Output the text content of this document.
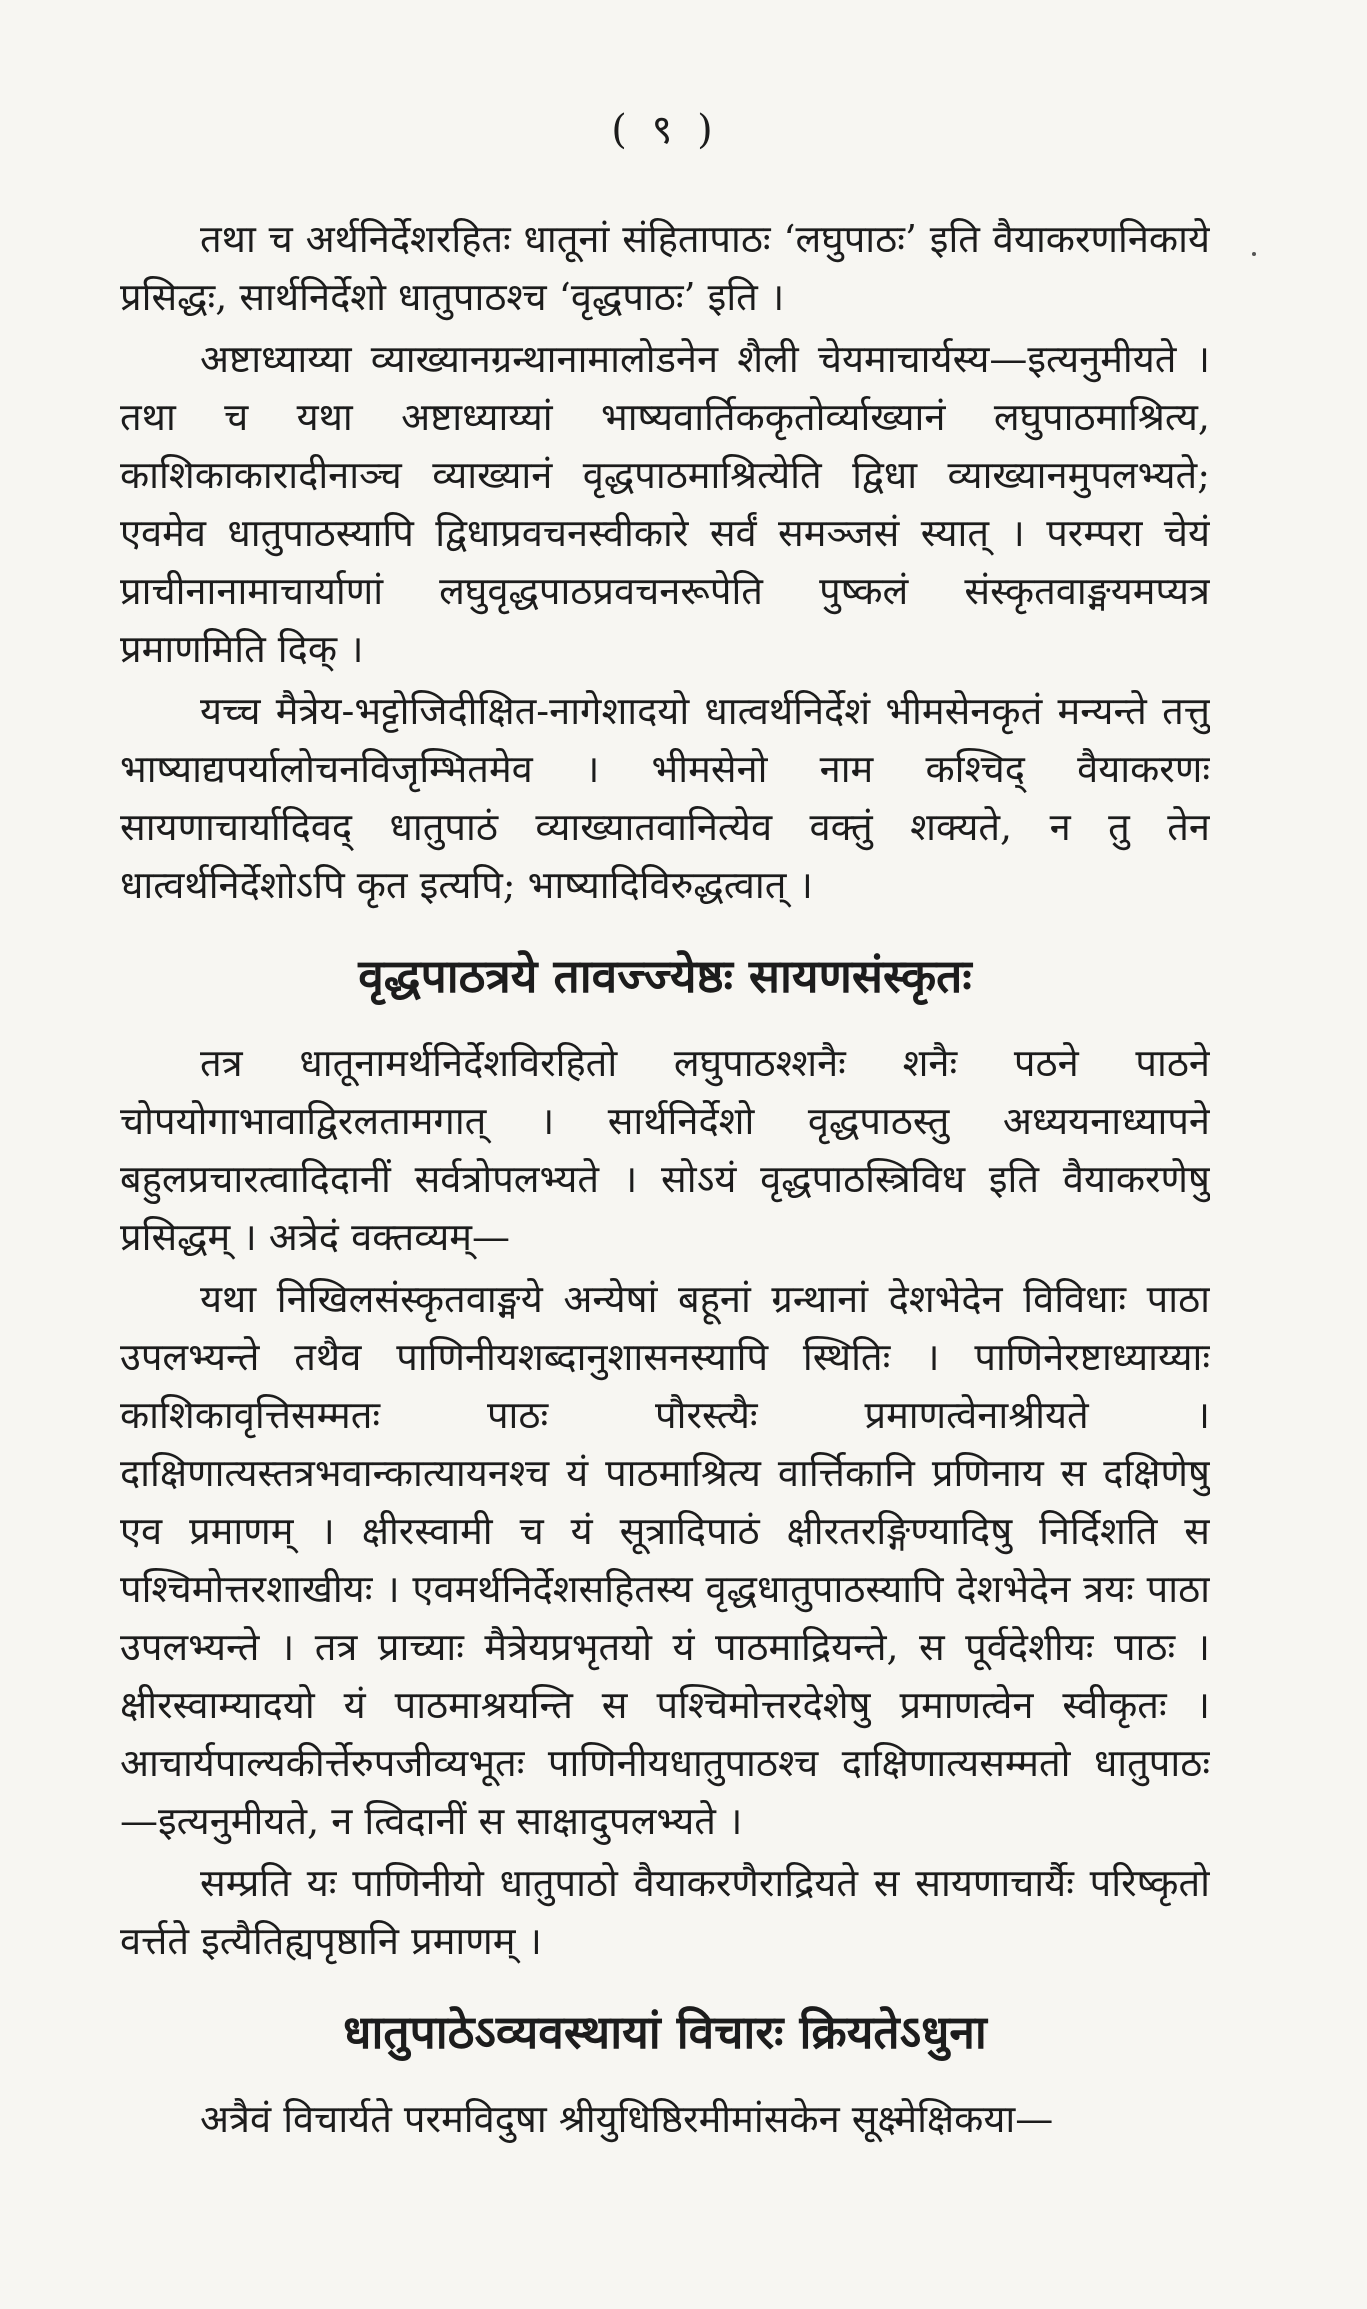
( ९ )

तथा च अर्थनिर्देशरहितः धातूनां संहितापाठः ‘लघुपाठः’ इति वैयाकरणनिकाये प्रसिद्धः, सार्थनिर्देशो धातुपाठश्च ‘वृद्धपाठः’ इति ।

अष्टाध्याय्या व्याख्यानग्रन्थानामालोडनेन शैली चेयमाचार्यस्य—इत्यनुमीयते । तथा च यथा अष्टाध्याय्यां भाष्यवार्तिककृतोर्व्याख्यानं लघुपाठमाश्रित्य, काशिकाकारादीनाञ्च व्याख्यानं वृद्धपाठमाश्रित्येति द्विधा व्याख्यानमुपलभ्यते; एवमेव धातुपाठस्यापि द्विधाप्रवचनस्वीकारे सर्वं समञ्जसं स्यात् । परम्परा चेयं प्राचीनानामाचार्याणां लघुवृद्धपाठप्रवचनरूपेति पुष्कलं संस्कृतवाङ्मयमप्यत्र प्रमाणमिति दिक् ।

यच्च मैत्रेय-भट्टोजिदीक्षित-नागेशादयो धात्वर्थनिर्देशं भीमसेनकृतं मन्यन्ते तत्तु भाष्याद्यपर्यालोचनविजृम्भितमेव । भीमसेनो नाम कश्चिद् वैयाकरणः सायणाचार्यादिवद् धातुपाठं व्याख्यातवानित्येव वक्तुं शक्यते, न तु तेन धात्वर्थनिर्देशोऽपि कृत इत्यपि; भाष्यादिविरुद्धत्वात् ।

वृद्धपाठत्रये तावज्ज्येष्ठः सायणसंस्कृतः

तत्र धातूनामर्थनिर्देशविरहितो लघुपाठश्शनैः शनैः पठने पाठने चोपयोगाभावाद्विरलतामगात् । सार्थनिर्देशो वृद्धपाठस्तु अध्ययनाध्यापने बहुलप्रचारत्वादिदानीं सर्वत्रोपलभ्यते । सोऽयं वृद्धपाठस्त्रिविध इति वैयाकरणेषु प्रसिद्धम् । अत्रेदं वक्तव्यम्—

यथा निखिलसंस्कृतवाङ्मये अन्येषां बहूनां ग्रन्थानां देशभेदेन विविधाः पाठा उपलभ्यन्ते तथैव पाणिनीयशब्दानुशासनस्यापि स्थितिः । पाणिनेरष्टाध्याय्याः काशिकावृत्तिसम्मतः पाठः पौरस्त्यैः प्रमाणत्वेनाश्रीयते । दाक्षिणात्यस्तत्रभवान्कात्यायनश्च यं पाठमाश्रित्य वार्त्तिकानि प्रणिनाय स दक्षिणेषु एव प्रमाणम् । क्षीरस्वामी च यं सूत्रादिपाठं क्षीरतरङ्गिण्यादिषु निर्दिशति स पश्चिमोत्तरशाखीयः । एवमर्थनिर्देशसहितस्य वृद्धधातुपाठस्यापि देशभेदेन त्रयः पाठा उपलभ्यन्ते । तत्र प्राच्याः मैत्रेयप्रभृतयो यं पाठमाद्रियन्ते, स पूर्वदेशीयः पाठः । क्षीरस्वाम्यादयो यं पाठमाश्रयन्ति स पश्चिमोत्तरदेशेषु प्रमाणत्वेन स्वीकृतः । आचार्यपाल्यकीर्त्तेरुपजीव्यभूतः पाणिनीयधातुपाठश्च दाक्षिणात्यसम्मतो धातुपाठः—इत्यनुमीयते, न त्विदानीं स साक्षादुपलभ्यते ।

सम्प्रति यः पाणिनीयो धातुपाठो वैयाकरणैराद्रियते स सायणाचार्यैः परिष्कृतो वर्त्तते इत्यैतिह्यपृष्ठानि प्रमाणम् ।

धातुपाठेऽव्यवस्थायां विचारः क्रियतेऽधुना

अत्रैवं विचार्यते परमविदुषा श्रीयुधिष्ठिरमीमांसकेन सूक्ष्मेक्षिकया—
